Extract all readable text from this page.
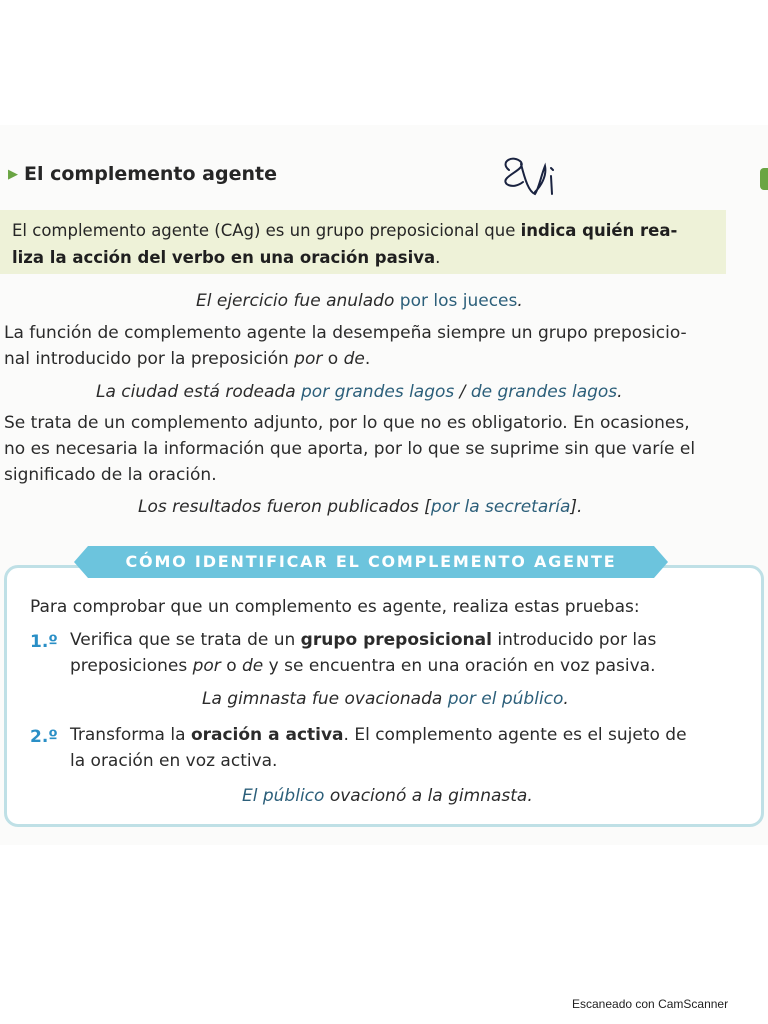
▶ El complemento agente
El complemento agente (CAg) es un grupo preposicional que indica quién rea-
liza la acción del verbo en una oración pasiva.
El ejercicio fue anulado por los jueces.
La función de complemento agente la desempeña siempre un grupo preposicio-
nal introducido por la preposición por o de.
La ciudad está rodeada por grandes lagos / de grandes lagos.
Se trata de un complemento adjunto, por lo que no es obligatorio. En ocasiones,
no es necesaria la información que aporta, por lo que se suprime sin que varíe el
significado de la oración.
Los resultados fueron publicados [por la secretaría].
CÓMO IDENTIFICAR EL COMPLEMENTO AGENTE
Para comprobar que un complemento es agente, realiza estas pruebas:
1.º Verifica que se trata de un grupo preposicional introducido por las
preposiciones por o de y se encuentra en una oración en voz pasiva.
La gimnasta fue ovacionada por el público.
2.º Transforma la oración a activa. El complemento agente es el sujeto de
la oración en voz activa.
El público ovacionó a la gimnasta.
Escaneado con CamScanner
